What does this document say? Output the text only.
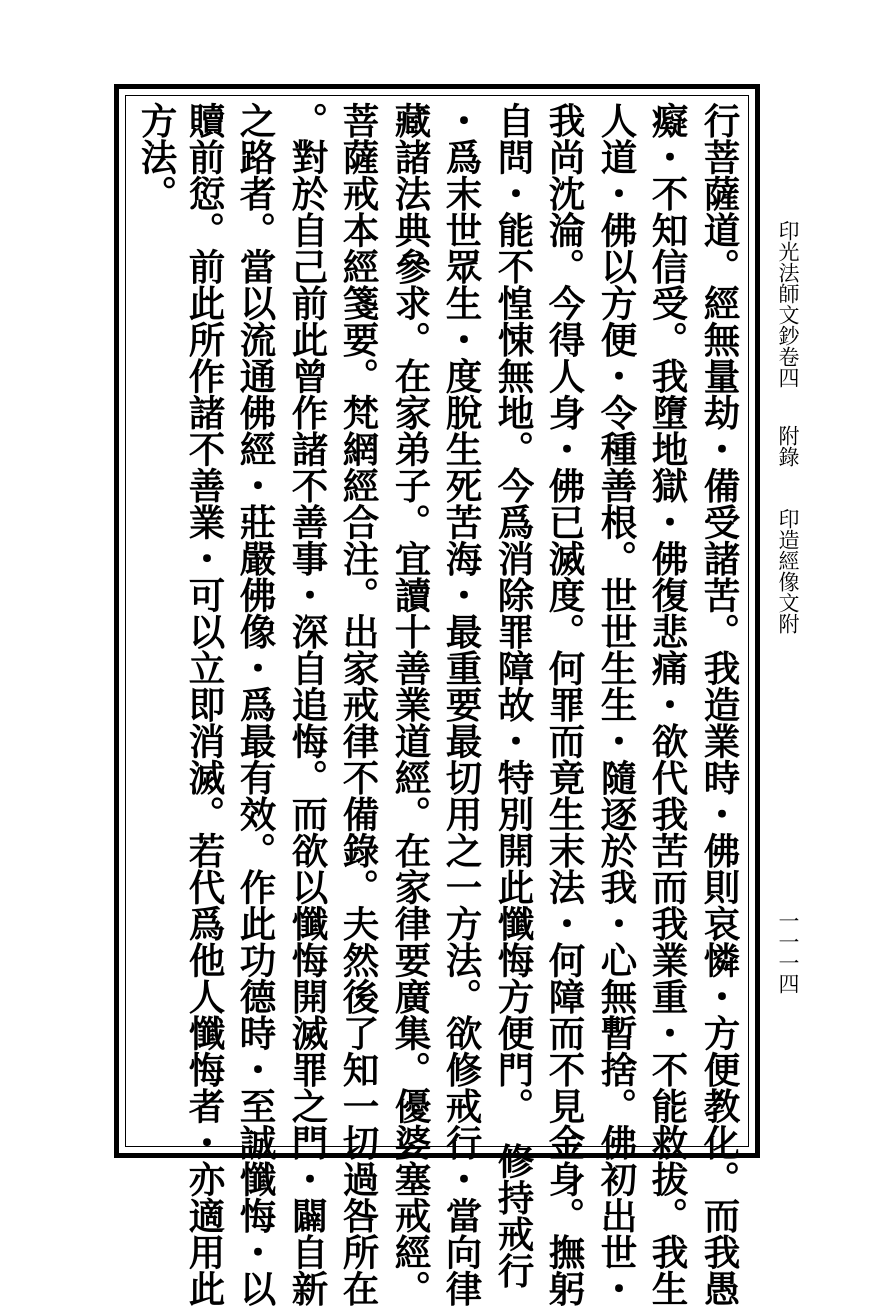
印光法師文鈔卷四
附錄
印造經像文附
一一一四
行菩薩道。經無量劫・備受諸苦。我造業時・佛則哀憐・方便教化。而我愚
癡・不知信受。我墮地獄・佛復悲痛・欲代我苦而我業重・不能救拔。我生
人道・佛以方便・令種善根。世世生生・隨逐於我・心無暫捨。佛初出世・
我尚沈淪。今得人身・佛已滅度。何罪而竟生末法・何障而不見金身。撫躬
自問・能不惶悚無地。今爲消除罪障故・特別開此懺悔方便門。　修持戒行
・爲末世眾生・度脫生死苦海・最重要最切用之一方法。欲修戒行・當向律
藏諸法典參求。在家弟子。宜讀十善業道經。在家律要廣集。優婆塞戒經。
菩薩戒本經箋要。梵網經合注。出家戒律不備錄。夫然後了知一切過咎所在
。對於自己前此曾作諸不善事・深自追悔。而欲以懺悔開滅罪之門・闢自新
之路者。當以流通佛經・莊嚴佛像・爲最有效。作此功德時・至誠懺悔・以
贖前愆。前此所作諸不善業・可以立即消滅。若代爲他人懺悔者・亦適用此
方法。
